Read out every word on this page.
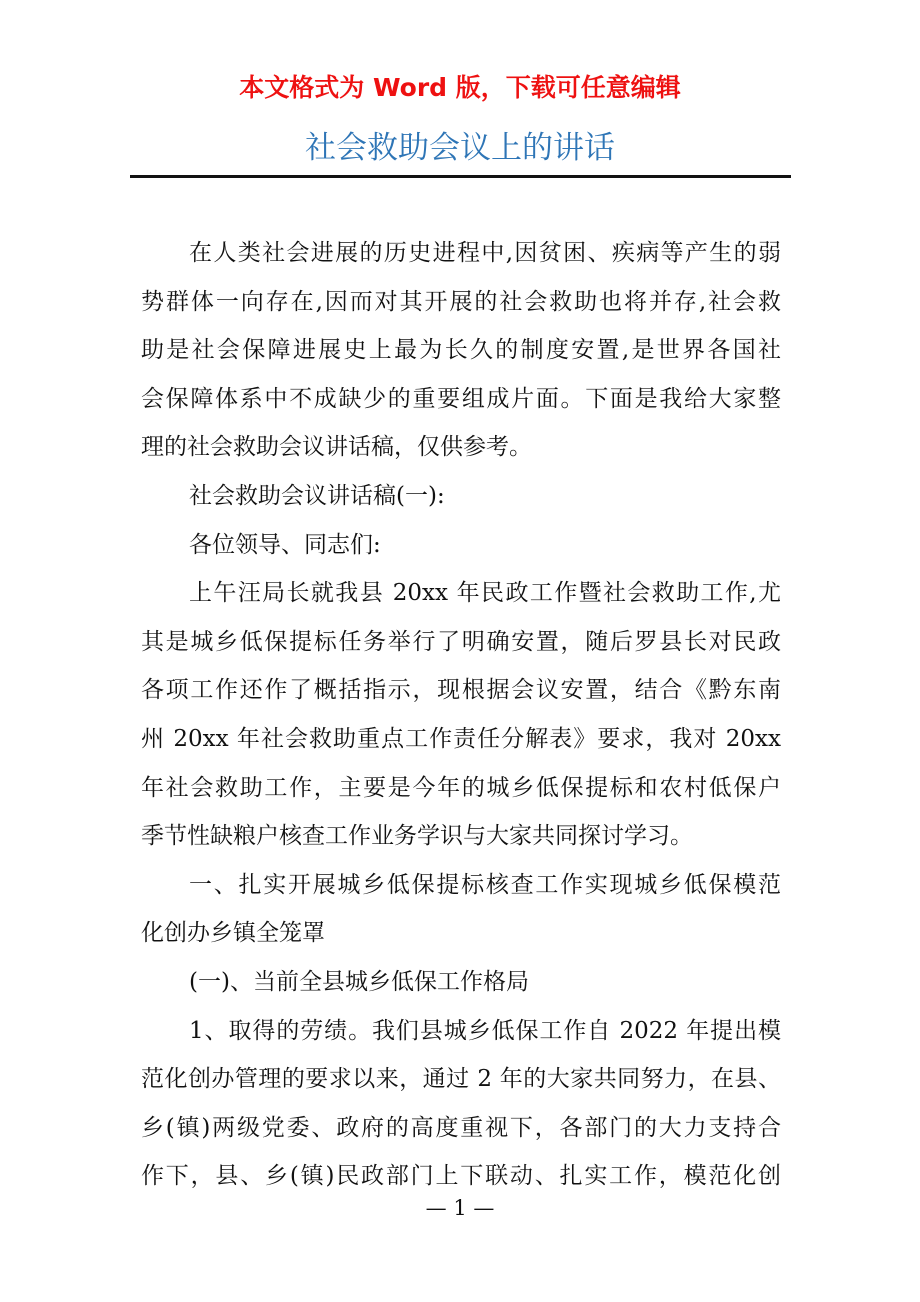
本文格式为 Word 版，下载可任意编辑
社会救助会议上的讲话
在人类社会进展的历史进程中,因贫困、疾病等产生的弱
势群体一向存在,因而对其开展的社会救助也将并存,社会救
助是社会保障进展史上最为长久的制度安置,是世界各国社
会保障体系中不成缺少的重要组成片面。下面是我给大家整
理的社会救助会议讲话稿，仅供参考。
社会救助会议讲话稿(一):
各位领导、同志们:
上午汪局长就我县 20xx 年民政工作暨社会救助工作,尤
其是城乡低保提标任务举行了明确安置，随后罗县长对民政
各项工作还作了概括指示，现根据会议安置，结合《黔东南
州 20xx 年社会救助重点工作责任分解表》要求，我对 20xx
年社会救助工作，主要是今年的城乡低保提标和农村低保户
季节性缺粮户核查工作业务学识与大家共同探讨学习。
一、扎实开展城乡低保提标核查工作实现城乡低保模范
化创办乡镇全笼罩
(一)、当前全县城乡低保工作格局
1、取得的劳绩。我们县城乡低保工作自 2022 年提出模
范化创办管理的要求以来，通过 2 年的大家共同努力，在县、
乡(镇)两级党委、政府的高度重视下，各部门的大力支持合
作下，县、乡(镇)民政部门上下联动、扎实工作，模范化创
— 1 —
